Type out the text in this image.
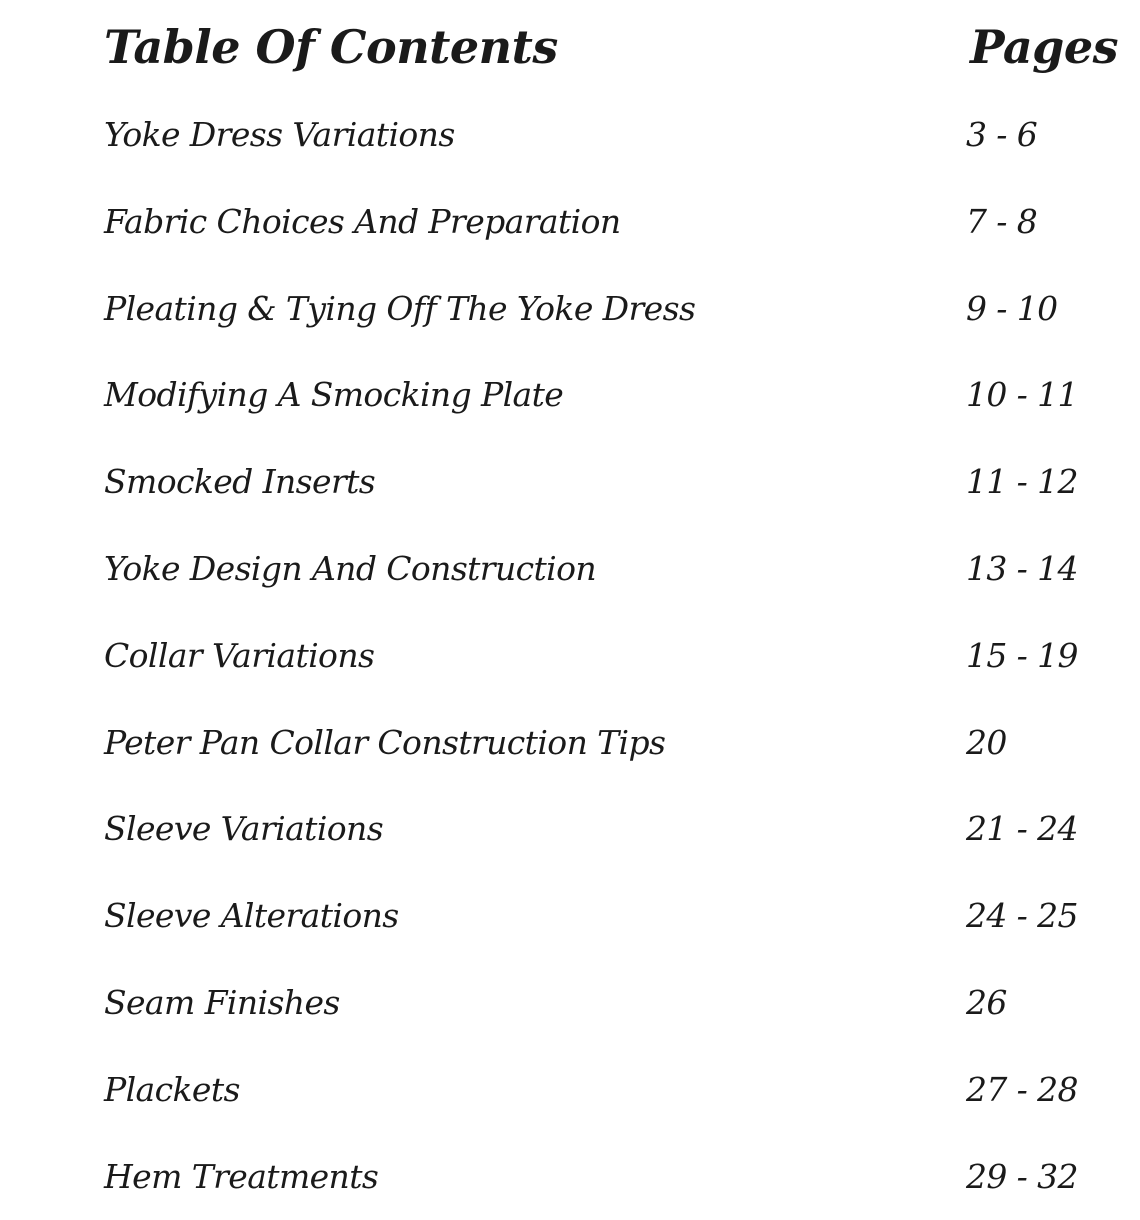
Table Of Contents	Pages
Yoke Dress Variations	3 - 6
Fabric Choices And Preparation	7 - 8
Pleating & Tying Off The Yoke Dress	9 - 10
Modifying A Smocking Plate	10 - 11
Smocked Inserts	11 - 12
Yoke Design And Construction	13 - 14
Collar Variations	15 - 19
Peter Pan Collar Construction Tips	20
Sleeve Variations	21 - 24
Sleeve Alterations	24 - 25
Seam Finishes	26
Plackets	27 - 28
Hem Treatments	29 - 32
